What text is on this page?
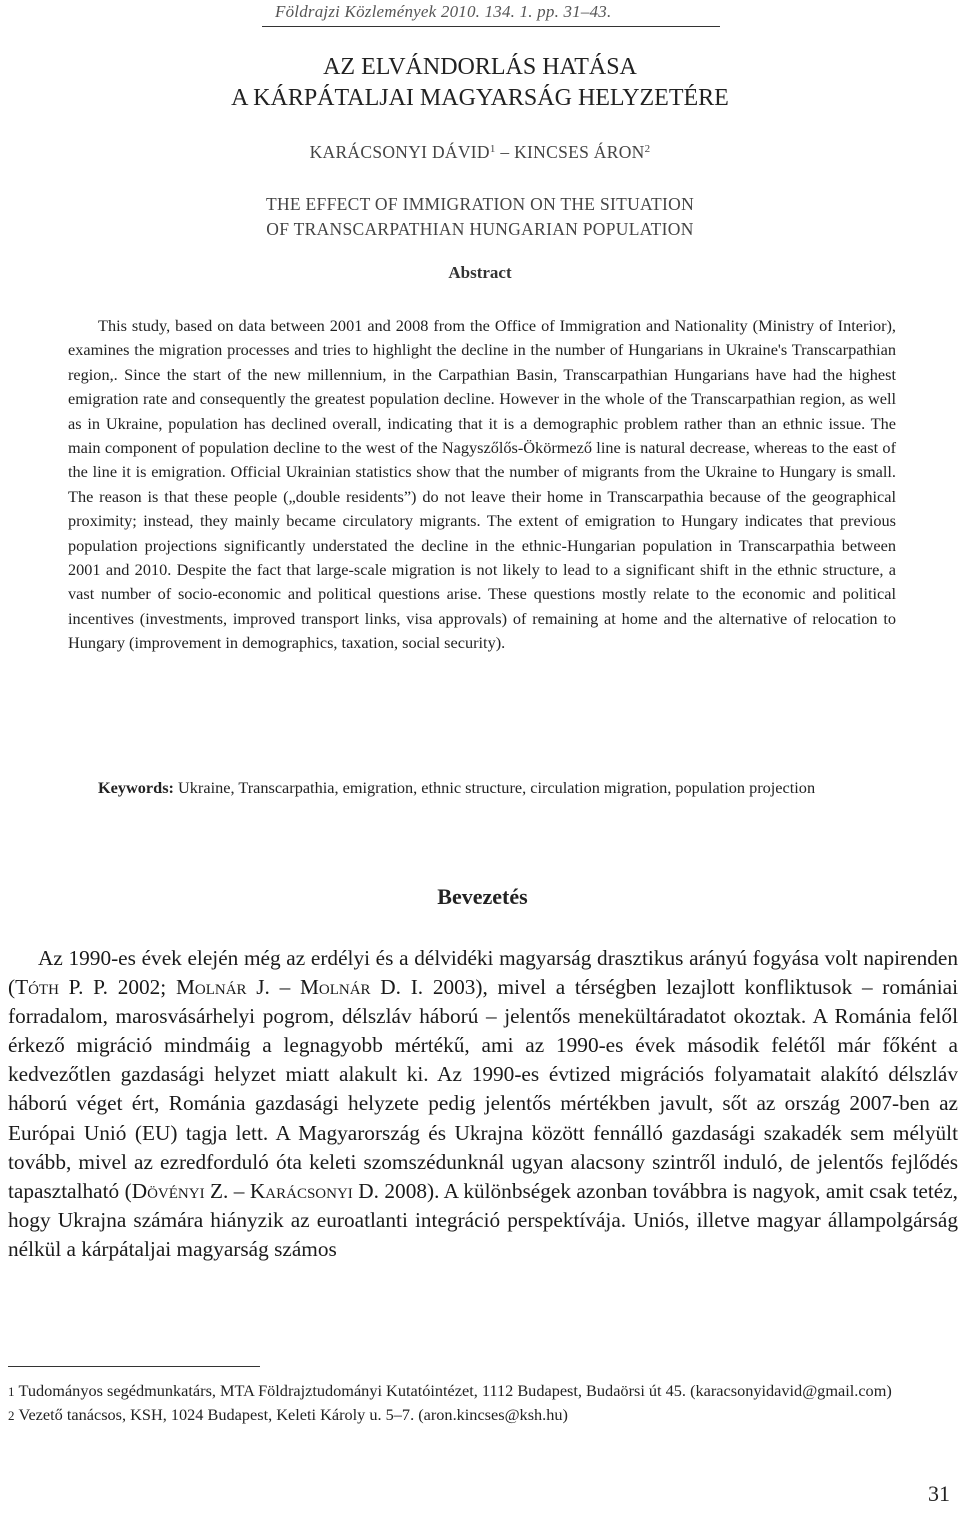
Földrajzi Közlemények 2010. 134. 1. pp. 31–43.
AZ ELVÁNDORLÁS HATÁSA
A KÁRPÁTALJAI MAGYARSÁG HELYZETÉRE
KARÁCSONYI DÁVID$^1$ – KINCSES ÁRON$^2$
THE EFFECT OF IMMIGRATION ON THE SITUATION
OF TRANSCARPATHIAN HUNGARIAN POPULATION
Abstract

This study, based on data between 2001 and 2008 from the Office of Immigration and Nationality (Ministry of Interior), examines the migration processes and tries to highlight the decline in the number of Hungarians in Ukraine's Transcarpathian region,. Since the start of the new millennium, in the Carpathian Basin, Transcarpathian Hungarians have had the highest emigration rate and consequently the greatest population decline. However in the whole of the Transcarpathian region, as well as in Ukraine, population has declined overall, indicating that it is a demographic problem rather than an ethnic issue. The main component of population decline to the west of the Nagyszőlős-Ökörmező line is natural decrease, whereas to the east of the line it is emigration. Official Ukrainian statistics show that the number of migrants from the Ukraine to Hungary is small. The reason is that these people („double residents”) do not leave their home in Transcarpathia because of the geographical proximity; instead, they mainly became circulatory migrants. The extent of emigration to Hungary indicates that previous population projections significantly understated the decline in the ethnic-Hungarian population in Transcarpathia between 2001 and 2010. Despite the fact that large-scale migration is not likely to lead to a significant shift in the ethnic structure, a vast number of socio-economic and political questions arise. These questions mostly relate to the economic and political incentives (investments, improved transport links, visa approvals) of remaining at home and the alternative of relocation to Hungary (improvement in demographics, taxation, social security).

Keywords: Ukraine, Transcarpathia, emigration, ethnic structure, circulation migration, population projection

Bevezetés

Az 1990-es évek elején még az erdélyi és a délvidéki magyarság drasztikus arányú fogyása volt napirenden (Tóth P. P. 2002; Molnár J. – Molnár D. I. 2003), mivel a térségben lezajlott konfliktusok – romániai forradalom, marosvásárhelyi pogrom, délszláv háború – jelentős menekültáradatot okoztak. A Románia felől érkező migráció mindmáig a legnagyobb mértékű, ami az 1990-es évek második felétől már főként a kedvezőtlen gazdasági helyzet miatt alakult ki. Az 1990-es évtized migrációs folyamatait alakító délszláv háború véget ért, Románia gazdasági helyzete pedig jelentős mértékben javult, sőt az ország 2007-ben az Európai Unió (EU) tagja lett. A Magyarország és Ukrajna között fennálló gazdasági szakadék sem mélyült tovább, mivel az ezredforduló óta keleti szomszédunknál ugyan alacsony szintről induló, de jelentős fejlődés tapasztalható (Dövényi Z. – Karácsonyi D. 2008). A különbségek azonban továbbra is nagyok, amit csak tetéz, hogy Ukrajna számára hiányzik az euroatlanti integráció perspektívája. Uniós, illetve magyar állampolgárság nélkül a kárpátaljai magyarság számos

1 Tudományos segédmunkatárs, MTA Földrajztudományi Kutatóintézet, 1112 Budapest, Budaörsi út 45. (karacsonyidavid@gmail.com)

2 Vezető tanácsos, KSH, 1024 Budapest, Keleti Károly u. 5–7. (aron.kincses@ksh.hu)

31
